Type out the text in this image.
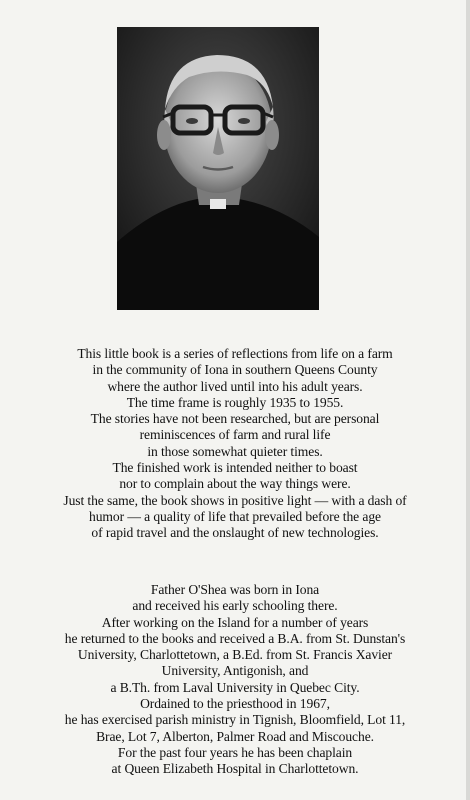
This little book is a series of reflections from life on a farm
in the community of Iona in southern Queens County
where the author lived until into his adult years.
The time frame is roughly 1935 to 1955.
The stories have not been researched, but are personal
reminiscences of farm and rural life
in those somewhat quieter times.
The finished work is intended neither to boast
nor to complain about the way things were.
Just the same, the book shows in positive light — with a dash of
humor — a quality of life that prevailed before the age
of rapid travel and the onslaught of new technologies.
Father O'Shea was born in Iona
and received his early schooling there.
After working on the Island for a number of years
he returned to the books and received a B.A. from St. Dunstan's
University, Charlottetown, a B.Ed. from St. Francis Xavier
University, Antigonish, and
a B.Th. from Laval University in Quebec City.
Ordained to the priesthood in 1967,
he has exercised parish ministry in Tignish, Bloomfield, Lot 11,
Brae, Lot 7, Alberton, Palmer Road and Miscouche.
For the past four years he has been chaplain
at Queen Elizabeth Hospital in Charlottetown.
